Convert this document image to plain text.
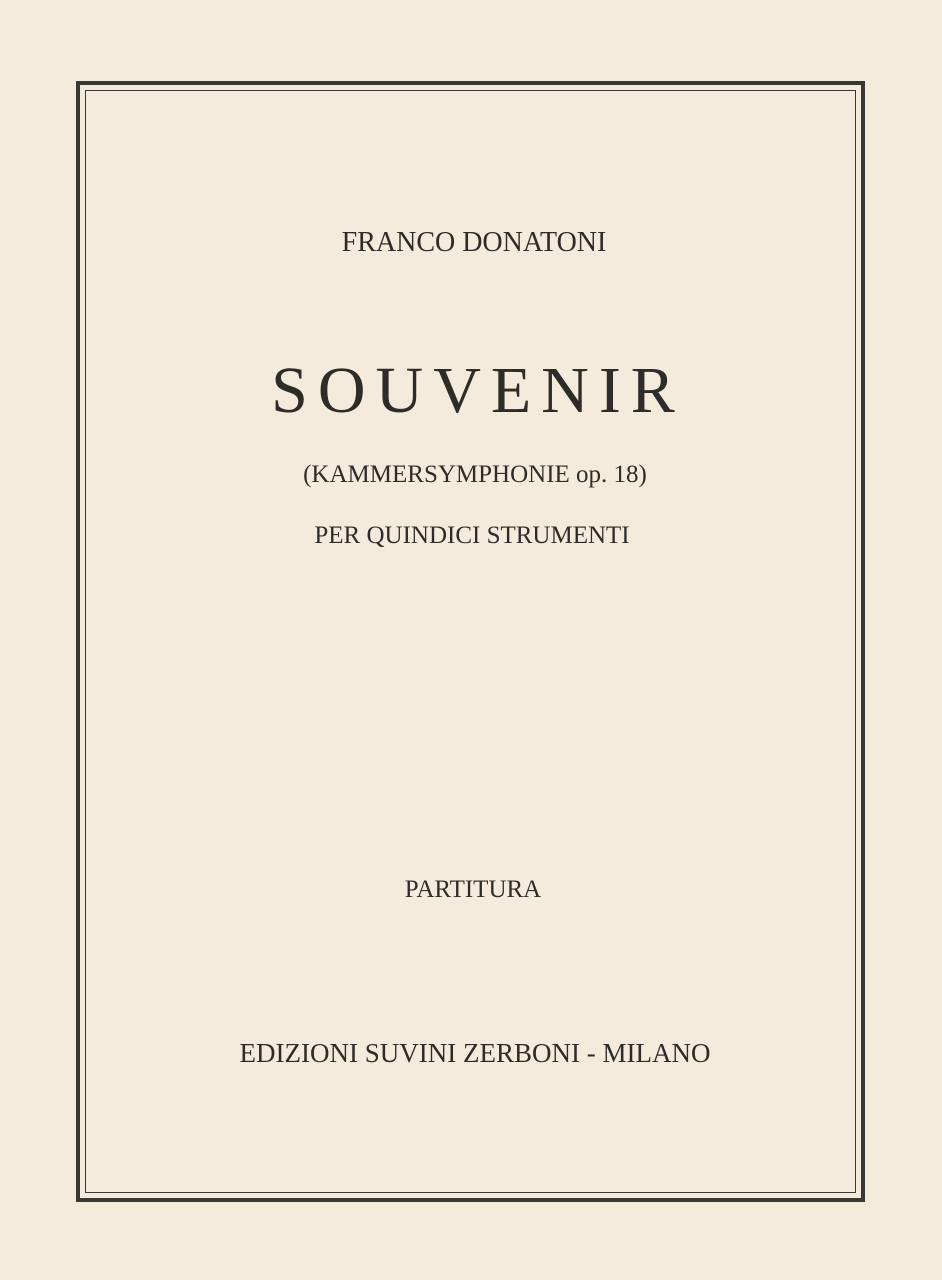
FRANCO DONATONI
SOUVENIR
(KAMMERSYMPHONIE op. 18)
PER QUINDICI STRUMENTI
PARTITURA
EDIZIONI SUVINI ZERBONI - MILANO
